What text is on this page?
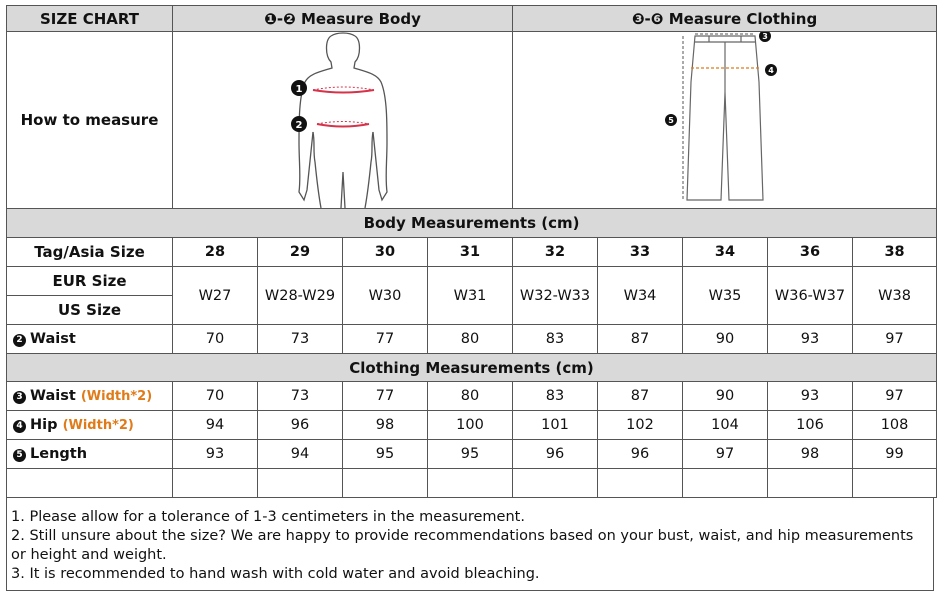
SIZE CHART	❶-❷ Measure Body				❸-❻ Measure Clothing				
How to measure	1
2				3
4
5				

Body Measurements (cm)									
Tag/Asia Size	28	29	30	31	32	33	34	36	38
EUR Size	W27	W28-W29	W30	W31	W32-W33	W34	W35	W36-W37	W38
US Size									
2 Waist	70	73	77	80	83	87	90	93	97
Clothing Measurements (cm)									
3 Waist (Width*2)	70	73	77	80	83	87	90	93	97
4 Hip (Width*2)	94	96	98	100	101	102	104	106	108
5 Length	93	94	95	95	96	96	97	98	99

1. Please allow for a tolerance of 1-3 centimeters in the measurement.
2. Still unsure about the size? We are happy to provide recommendations based on your bust, waist, and hip measurements or height and weight.
3. It is recommended to hand wash with cold water and avoid bleaching.
